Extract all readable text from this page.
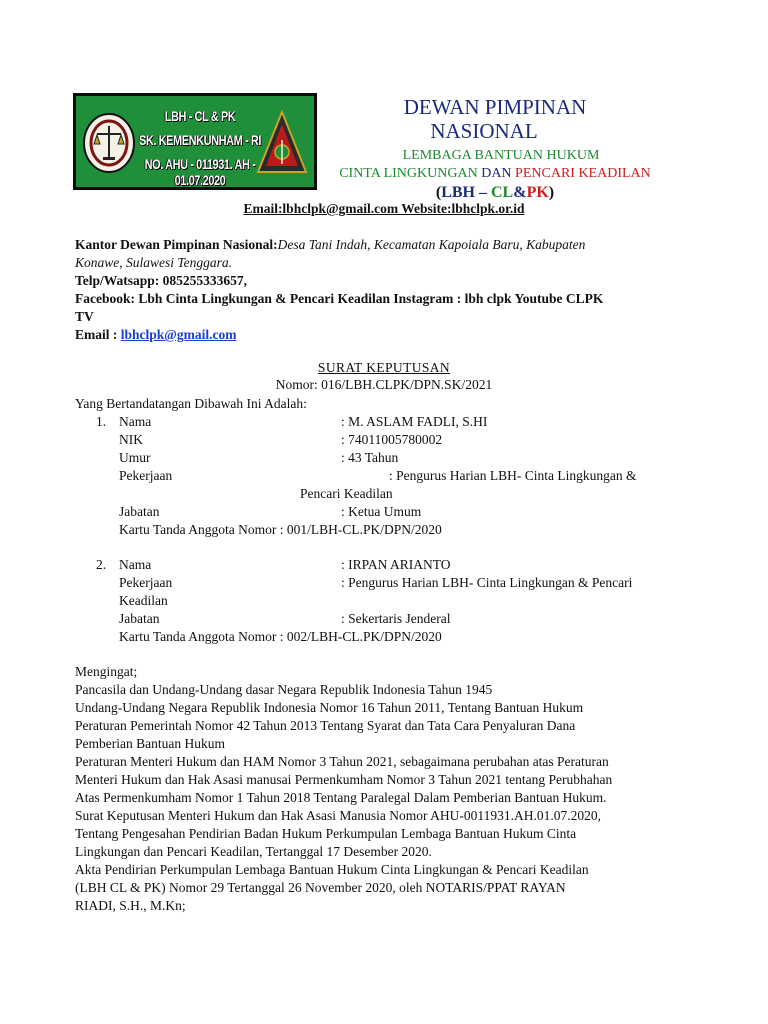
LBH - CL & PK
SK. KEMENKUNHAM - RI
NO. AHU - 011931. AH - 01.07.2020
DEWAN PIMPINAN
NASIONAL
LEMBAGA BANTUAN HUKUM
CINTA LINGKUNGAN DAN PENCARI KEADILAN
(LBH – CL&PK)
Email:lbhclpk@gmail.com Website:lbhclpk.or.id
Kantor Dewan Pimpinan Nasional:Desa Tani Indah, Kecamatan Kapoiala Baru, Kabupaten
Konawe, Sulawesi Tenggara.
Telp/Watsapp: 085255333657,
Facebook: Lbh Cinta Lingkungan & Pencari Keadilan Instagram : lbh clpk Youtube CLPK
TV
Email : lbhclpk@gmail.com
SURAT KEPUTUSAN
Nomor: 016/LBH.CLPK/DPN.SK/2021
Yang Bertandatangan Dibawah Ini Adalah:
1. Nama	: M. ASLAM FADLI, S.HI
NIK	: 74011005780002
Umur	: 43 Tahun
Pekerjaan	: Pengurus Harian LBH- Cinta Lingkungan &
Pencari Keadilan
Jabatan	: Ketua Umum
Kartu Tanda Anggota Nomor : 001/LBH-CL.PK/DPN/2020
2. Nama	: IRPAN ARIANTO
Pekerjaan	: Pengurus Harian LBH- Cinta Lingkungan & Pencari
Keadilan
Jabatan	: Sekertaris Jenderal
Kartu Tanda Anggota Nomor : 002/LBH-CL.PK/DPN/2020
Mengingat;
Pancasila dan Undang-Undang dasar Negara Republik Indonesia Tahun 1945
Undang-Undang Negara Republik Indonesia Nomor 16 Tahun 2011, Tentang Bantuan Hukum
Peraturan Pemerintah Nomor 42 Tahun 2013 Tentang Syarat dan Tata Cara Penyaluran Dana
Pemberian Bantuan Hukum
Peraturan Menteri Hukum dan HAM Nomor 3 Tahun 2021, sebagaimana perubahan atas Peraturan
Menteri Hukum dan Hak Asasi manusai Permenkumham Nomor 3 Tahun 2021 tentang Perubhahan
Atas Permenkumham Nomor 1 Tahun 2018 Tentang Paralegal Dalam Pemberian Bantuan Hukum.
Surat Keputusan Menteri Hukum dan Hak Asasi Manusia Nomor AHU-0011931.AH.01.07.2020,
Tentang Pengesahan Pendirian Badan Hukum Perkumpulan Lembaga Bantuan Hukum Cinta
Lingkungan dan Pencari Keadilan, Tertanggal 17 Desember 2020.
Akta Pendirian Perkumpulan Lembaga Bantuan Hukum Cinta Lingkungan & Pencari Keadilan
(LBH CL & PK) Nomor 29 Tertanggal 26 November 2020, oleh NOTARIS/PPAT RAYAN
RIADI, S.H., M.Kn;
